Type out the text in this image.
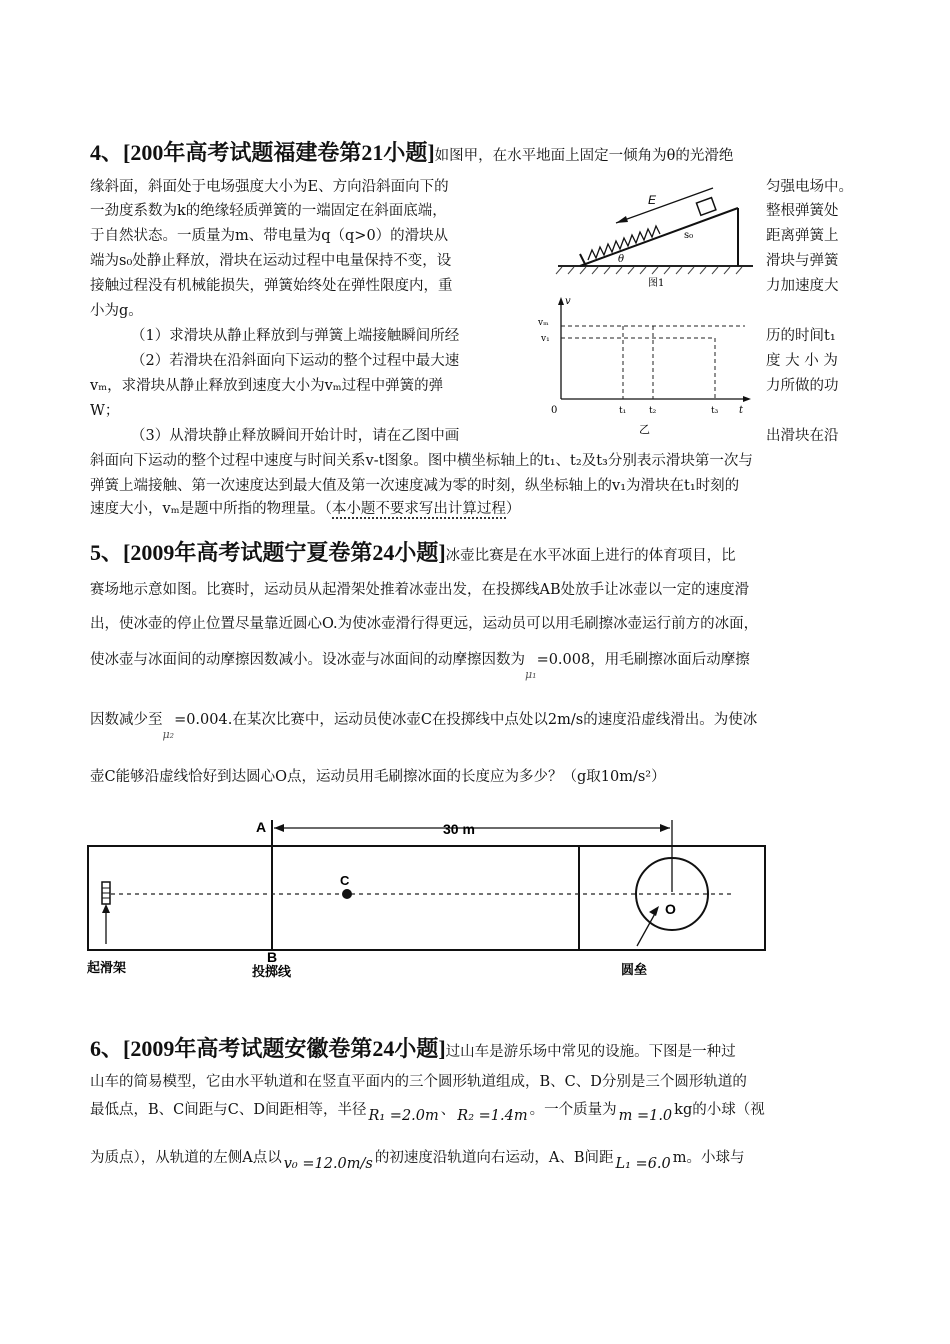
4、[200年高考试题福建卷第21小题]如图甲，在水平地面上固定一倾角为θ的光滑绝
缘斜面，斜面处于电场强度大小为E、方向沿斜面向下的
一劲度系数为k的绝缘轻质弹簧的一端固定在斜面底端，
于自然状态。一质量为m、带电量为q（q>0）的滑块从
端为s₀处静止释放，滑块在运动过程中电量保持不变，设
接触过程没有机械能损失，弹簧始终处在弹性限度内，重
小为g。
匀强电场中。
整根弹簧处
距离弹簧上
滑块与弹簧
力加速度大
（1）求滑块从静止释放到与弹簧上端接触瞬间所经	历的时间t₁
（2）若滑块在沿斜面向下运动的整个过程中最大速	度 大 小 为
vₘ，求滑块从静止释放到速度大小为vₘ过程中弹簧的弹	力所做的功
W；
（3）从滑块静止释放瞬间开始计时，请在乙图中画	出滑块在沿
斜面向下运动的整个过程中速度与时间关系v-t图象。图中横坐标轴上的t₁、t₂及t₃分别表示滑块第一次与
弹簧上端接触、第一次速度达到最大值及第一次速度减为零的时刻，纵坐标轴上的v₁为滑块在t₁时刻的
速度大小，vₘ是题中所指的物理量。（本小题不要求写出计算过程）
E
s₀
θ
图1
v
vₘ
v₁
0	t₁	t₂	t₃ t
乙
5、[2009年高考试题宁夏卷第24小题]冰壶比赛是在水平冰面上进行的体育项目，比
赛场地示意如图。比赛时，运动员从起滑架处推着冰壶出发，在投掷线AB处放手让冰壶以一定的速度滑
出，使冰壶的停止位置尽量靠近圆心O.为使冰壶滑行得更远，运动员可以用毛刷擦冰壶运行前方的冰面，
使冰壶与冰面间的动摩擦因数减小。设冰壶与冰面间的动摩擦因数为$_{\mu_1}$=0.008，用毛刷擦冰面后动摩擦
因数减少至$_{\mu_2}$=0.004.在某次比赛中，运动员使冰壶C在投掷线中点处以2m/s的速度沿虚线滑出。为使冰
壶C能够沿虚线恰好到达圆心O点，运动员用毛刷擦冰面的长度应为多少？（g取10m/s²）
A	30 m
C
O
B
起滑架	投掷线	圆垒
6、[2009年高考试题安徽卷第24小题]过山车是游乐场中常见的设施。下图是一种过
山车的简易模型，它由水平轨道和在竖直平面内的三个圆形轨道组成，B、C、D分别是三个圆形轨道的
最低点，B、C间距与C、D间距相等，半径 R₁ =2.0m 、 R₂ =1.4m 。一个质量为 m =1.0 kg的小球（视
为质点），从轨道的左侧A点以 v₀ =12.0m/s 的初速度沿轨道向右运动，A、B间距 L₁ =6.0 m。小球与
